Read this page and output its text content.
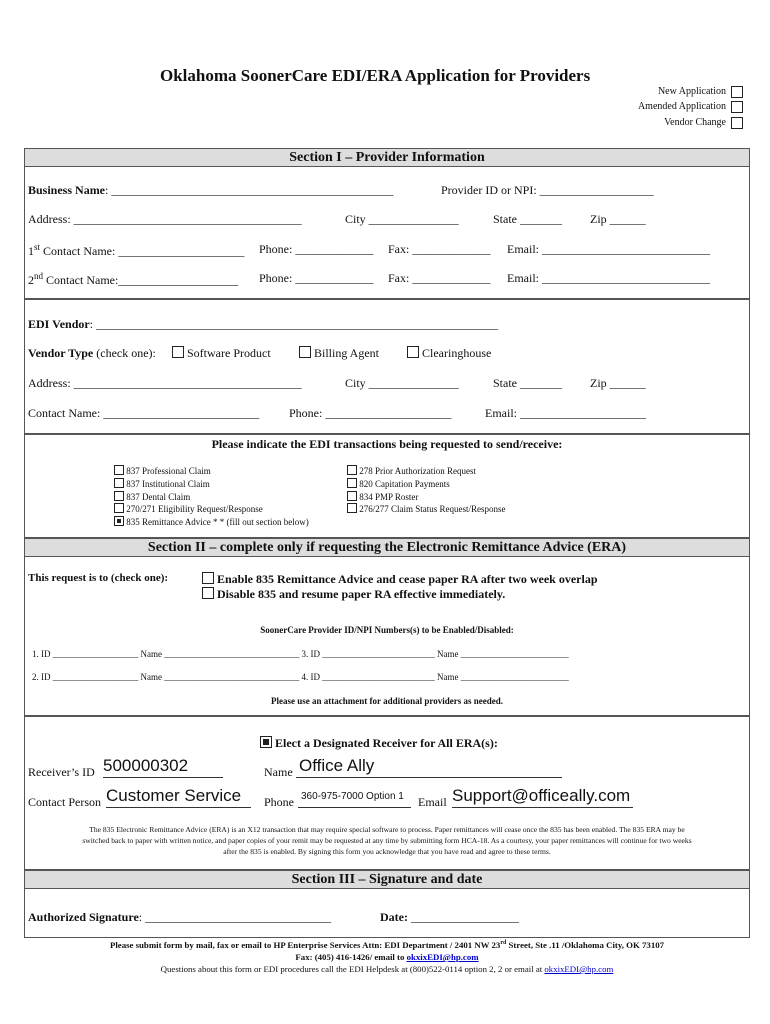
Oklahoma SoonerCare EDI/ERA Application for Providers
New Application
Amended Application
Vendor Change
Section I – Provider Information
Business Name: _______________________________________________	Provider ID or NPI: ___________________
Address: ______________________________________	City _______________	State _______ Zip ______
1st Contact Name: _____________________ Phone: _____________ Fax: _____________ Email: ____________________________
2nd Contact Name:____________________ Phone: _____________ Fax: _____________ Email: ____________________________
EDI Vendor: ___________________________________________________________________
Vendor Type (check one):	Software Product	Billing Agent	Clearinghouse
Address: ______________________________________	City _______________	State _______ Zip ______
Contact Name: __________________________ Phone: _____________________	Email: _____________________
Please indicate the EDI transactions being requested to send/receive:
837 Professional Claim
837 Institutional Claim
837 Dental Claim
270/271 Eligibility Request/Response
835 Remittance Advice * * (fill out section below)
278 Prior Authorization Request
820 Capitation Payments
834 PMP Roster
276/277 Claim Status Request/Response
Section II – complete only if requesting the Electronic Remittance Advice (ERA)
This request is to (check one):	Enable 835 Remittance Advice and cease paper RA after two week overlap
Disable 835 and resume paper RA effective immediately.
SoonerCare Provider ID/NPI Numbers(s) to be Enabled/Disabled:
1. ID ___________________ Name ______________________________ 3. ID _________________________ Name ________________________
2. ID ___________________ Name ______________________________ 4. ID _________________________ Name ________________________
Please use an attachment for additional providers as needed.
Elect a Designated Receiver for All ERA(s):
Receiver’s ID 500000302	Name Office Ally
Contact Person Customer Service	Phone 360-975-7000 Option 1	Email Support@officeally.com
The 835 Electronic Remittance Advice (ERA) is an X12 transaction that may require special software to process. Paper remittances will cease once the 835 has been enabled. The 835 ERA may be
switched back to paper with written notice, and paper copies of your remit may be requested at any time by submitting form HCA-18. As a courtesy, your paper remittances will continue for two weeks
after the 835 is enabled. By signing this form you acknowledge that you have read and agree to these terms.
Section III – Signature and date
Authorized Signature: _______________________________	Date: __________________
Please submit form by mail, fax or email to HP Enterprise Services Attn: EDI Department / 2401 NW 23rd Street, Ste .11 /Oklahoma City, OK 73107
Fax: (405) 416-1426/ email to okxixEDI@hp.com
Questions about this form or EDI procedures call the EDI Helpdesk at (800)522-0114 option 2, 2 or email at okxixEDI@hp.com
